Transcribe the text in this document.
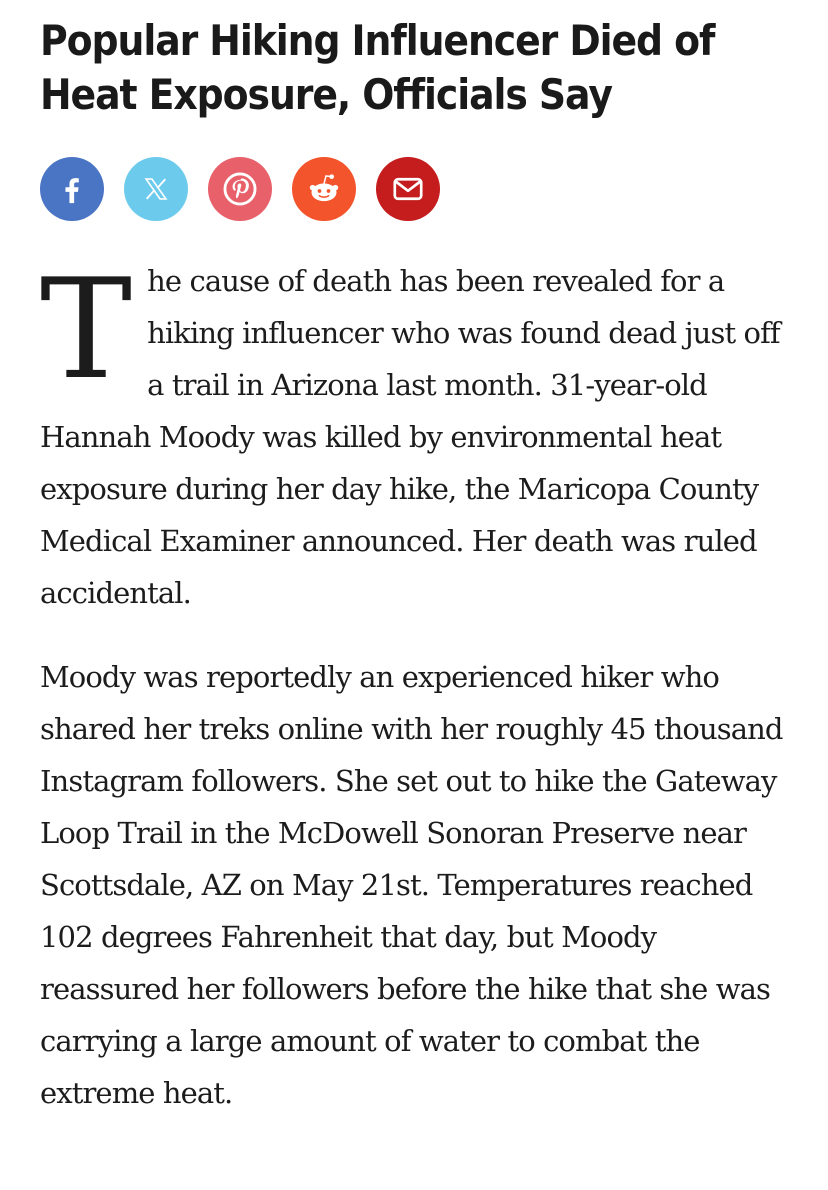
Popular Hiking Influencer Died of Heat Exposure, Officials Say

The cause of death has been revealed for a hiking influencer who was found dead just off a trail in Arizona last month. 31-year-old Hannah Moody was killed by environmental heat exposure during her day hike, the Maricopa County Medical Examiner announced. Her death was ruled accidental.

Moody was reportedly an experienced hiker who shared her treks online with her roughly 45 thousand Instagram followers. She set out to hike the Gateway Loop Trail in the McDowell Sonoran Preserve near Scottsdale, AZ on May 21st. Temperatures reached 102 degrees Fahrenheit that day, but Moody reassured her followers before the hike that she was carrying a large amount of water to combat the extreme heat.
